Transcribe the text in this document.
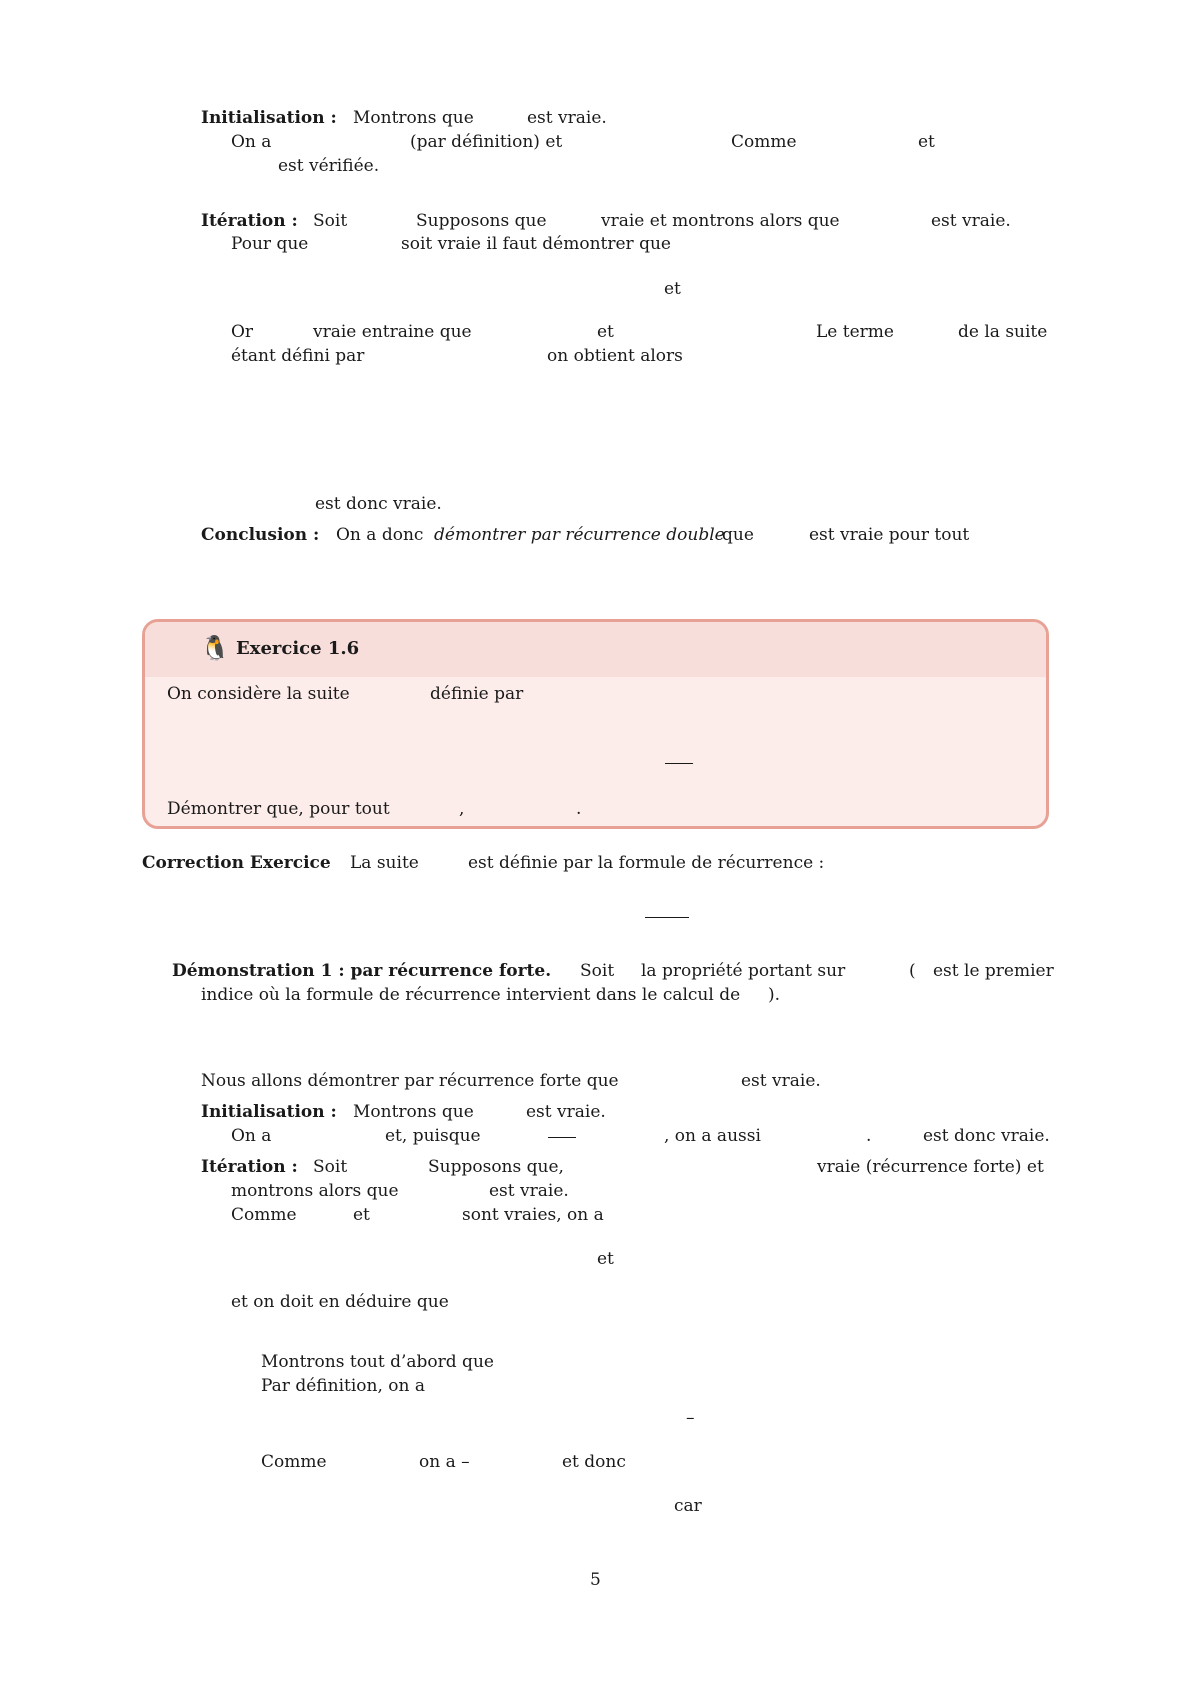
Initialisation : Montrons que	est vraie.
On a	(par définition) et	Comme	et
est vérifiée.
Itération : Soit	Supposons que	vraie et montrons alors que	est vraie.
Pour que	soit vraie il faut démontrer que
et
Or	vraie entraine que	et	Le terme	de la suite
étant défini par	on obtient alors
est donc vraie.
Conclusion : On a donc démontrer par récurrence double
que	est vraie pour tout
🐧 Exercice 1.6
On considère la suite	définie par
Démontrer que, pour tout	,	.
Correction Exercice La suite	est définie par la formule de récurrence :
Démonstration 1 : par récurrence forte. Soit la propriété portant sur	( est le premier
indice où la formule de récurrence intervient dans le calcul de ).
Nous allons démontrer par récurrence forte que	est vraie.
Initialisation : Montrons que	est vraie.
On a	et, puisque	, on a aussi	.	est donc vraie.
Itération : Soit	Supposons que,	vraie (récurrence forte) et
montrons alors que	est vraie.
Comme	et	sont vraies, on a
et
et on doit en déduire que
Montrons tout d’abord que
Par définition, on a
–
Comme	on a –	et donc
car
5
